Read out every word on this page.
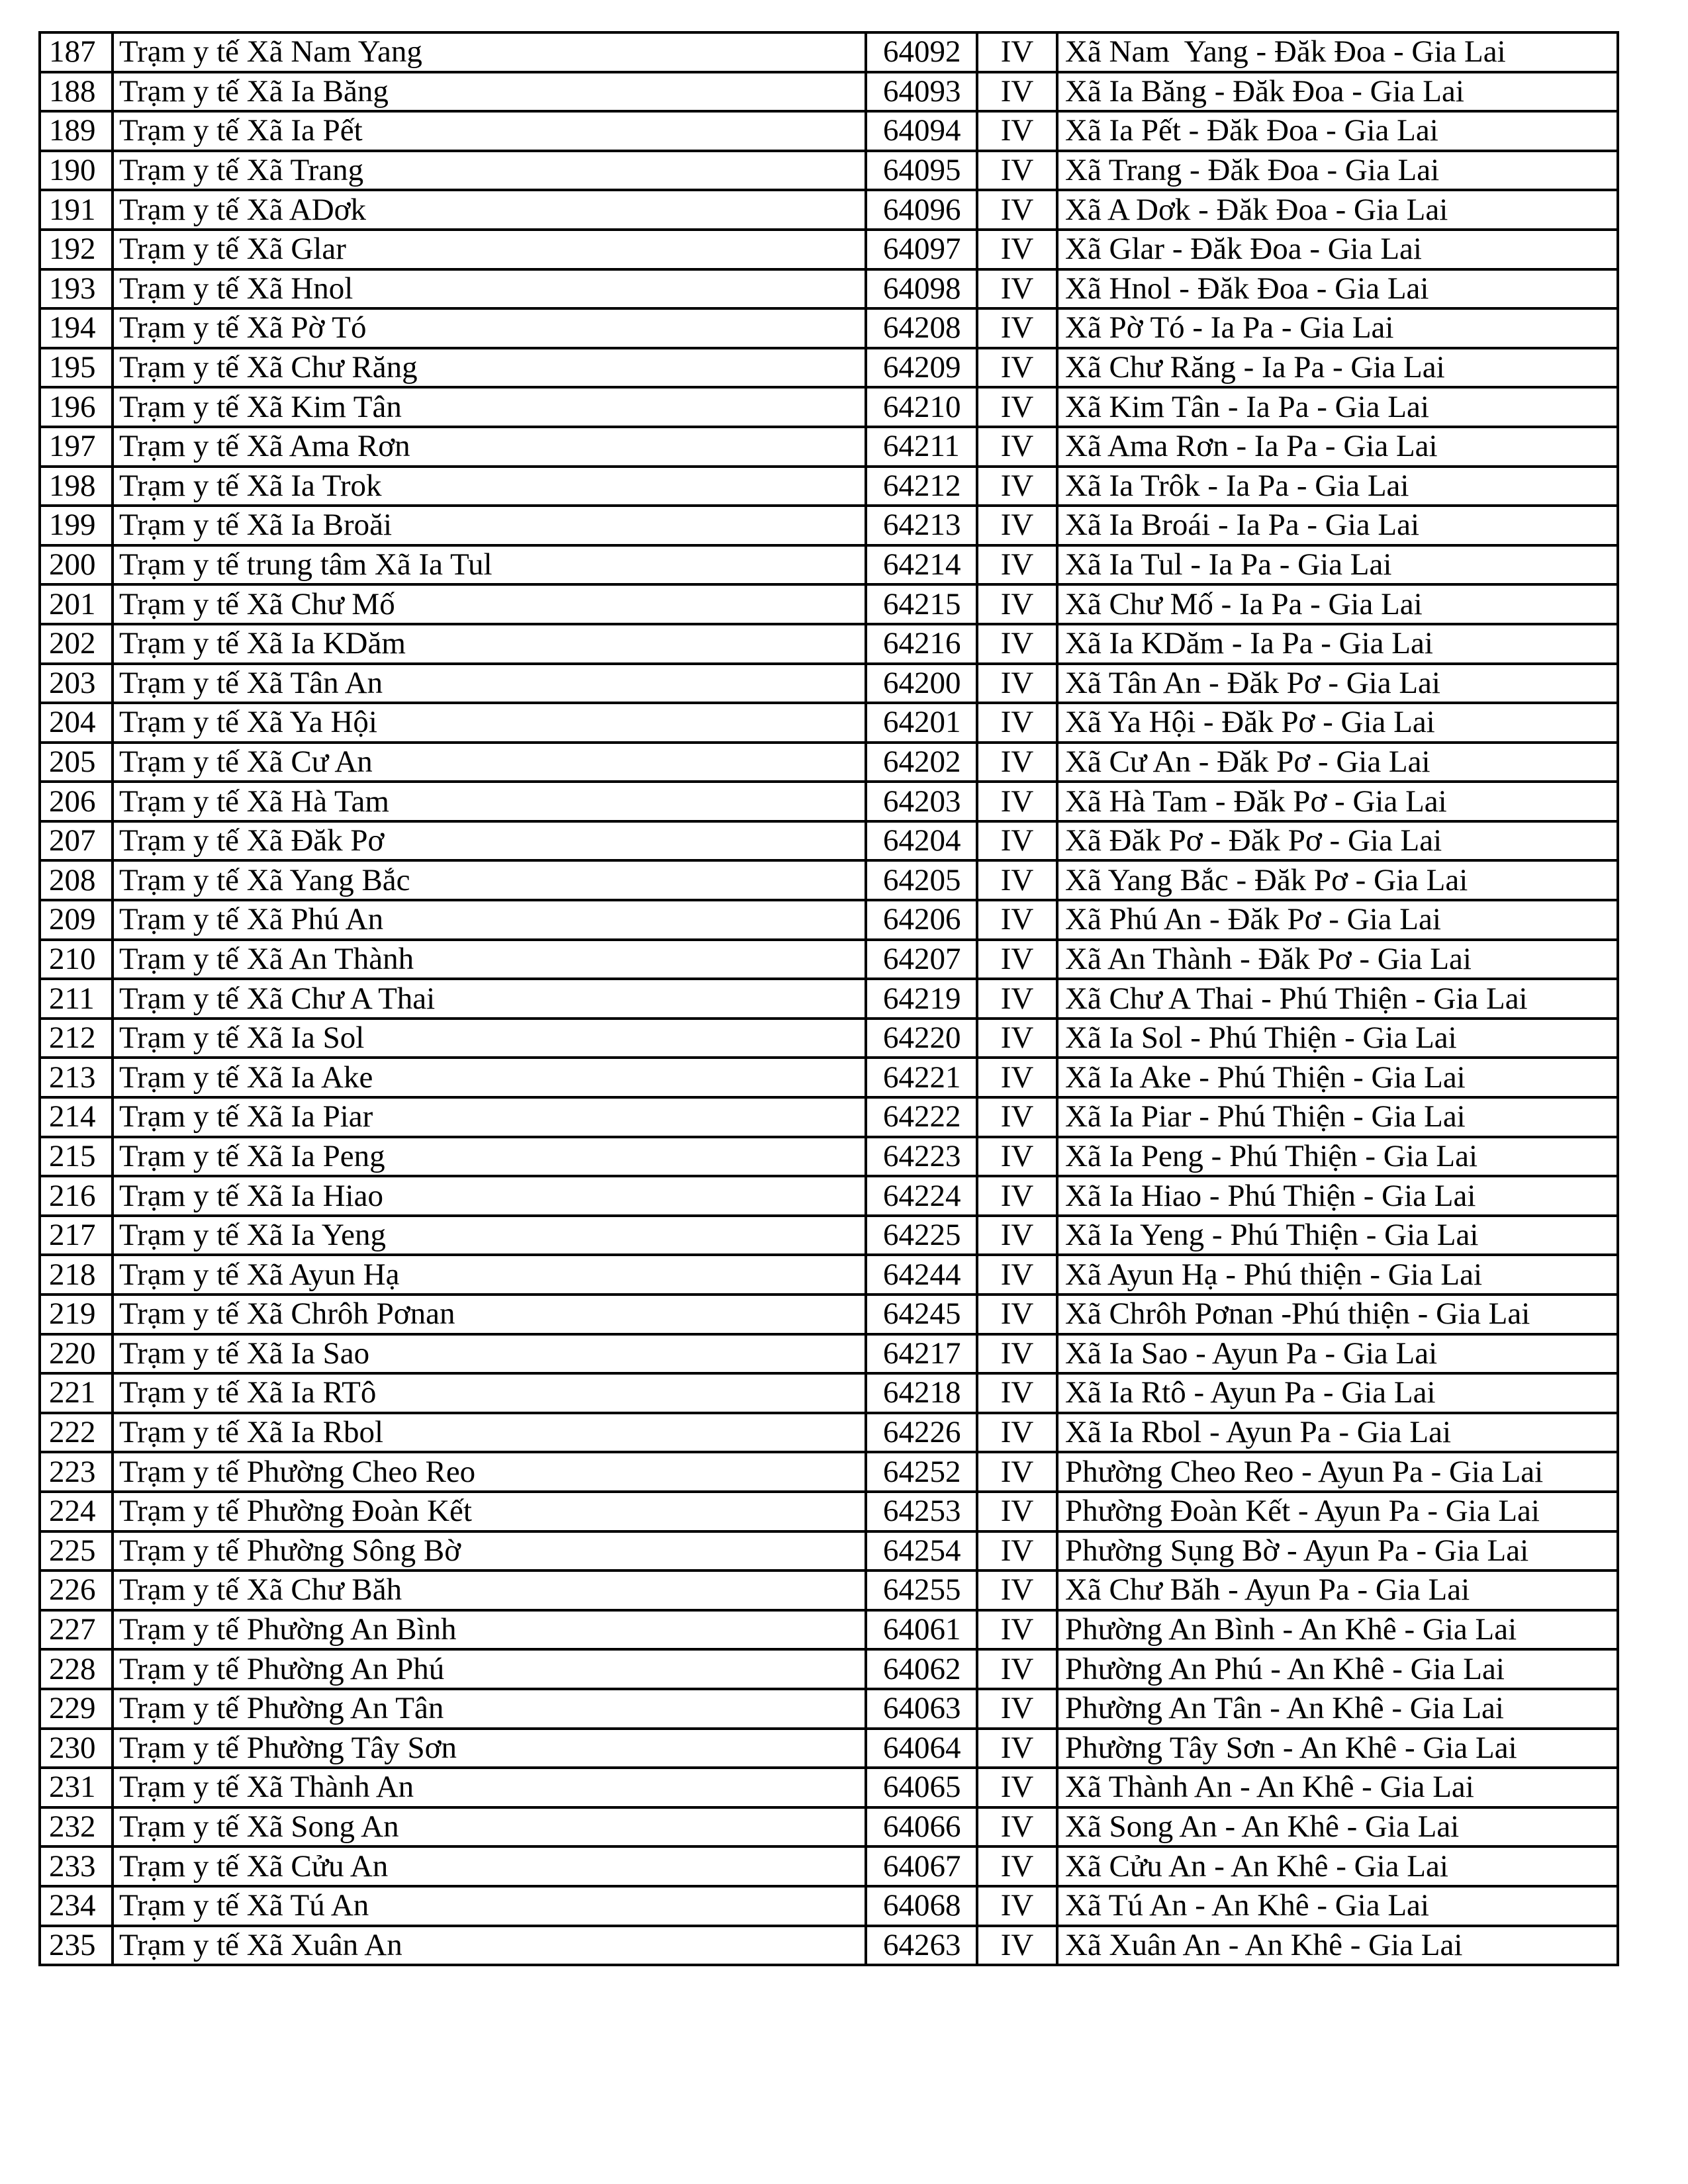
187	Trạm y tế Xã Nam Yang	64092	IV	Xã Nam  Yang - Đăk Đoa - Gia Lai
188	Trạm y tế Xã Ia Băng	64093	IV	Xã Ia Băng - Đăk Đoa - Gia Lai
189	Trạm y tế Xã Ia Pết	64094	IV	Xã Ia Pết - Đăk Đoa - Gia Lai
190	Trạm y tế Xã Trang	64095	IV	Xã Trang - Đăk Đoa - Gia Lai
191	Trạm y tế Xã ADơk	64096	IV	Xã A Dơk - Đăk Đoa - Gia Lai
192	Trạm y tế Xã Glar	64097	IV	Xã Glar - Đăk Đoa - Gia Lai
193	Trạm y tế Xã Hnol	64098	IV	Xã Hnol - Đăk Đoa - Gia Lai
194	Trạm y tế Xã Pờ Tó	64208	IV	Xã Pờ Tó - Ia Pa - Gia Lai
195	Trạm y tế Xã Chư Răng	64209	IV	Xã Chư Răng - Ia Pa - Gia Lai
196	Trạm y tế Xã Kim Tân	64210	IV	Xã Kim Tân - Ia Pa - Gia Lai
197	Trạm y tế Xã Ama Rơn	64211	IV	Xã Ama Rơn - Ia Pa - Gia Lai
198	Trạm y tế Xã Ia Trok	64212	IV	Xã Ia Trôk - Ia Pa - Gia Lai
199	Trạm y tế Xã Ia Broăi	64213	IV	Xã Ia Broái - Ia Pa - Gia Lai
200	Trạm y tế trung tâm Xã Ia Tul	64214	IV	Xã Ia Tul - Ia Pa - Gia Lai
201	Trạm y tế Xã Chư Mố	64215	IV	Xã Chư Mố - Ia Pa - Gia Lai
202	Trạm y tế Xã Ia KDăm	64216	IV	Xã Ia KDăm - Ia Pa - Gia Lai
203	Trạm y tế Xã Tân An	64200	IV	Xã Tân An - Đăk Pơ - Gia Lai
204	Trạm y tế Xã Ya Hội	64201	IV	Xã Ya Hội - Đăk Pơ - Gia Lai
205	Trạm y tế Xã Cư An	64202	IV	Xã Cư An - Đăk Pơ - Gia Lai
206	Trạm y tế Xã Hà Tam	64203	IV	Xã Hà Tam - Đăk Pơ - Gia Lai
207	Trạm y tế Xã Đăk Pơ	64204	IV	Xã Đăk Pơ - Đăk Pơ - Gia Lai
208	Trạm y tế Xã Yang Bắc	64205	IV	Xã Yang Bắc - Đăk Pơ - Gia Lai
209	Trạm y tế Xã Phú An	64206	IV	Xã Phú An - Đăk Pơ - Gia Lai
210	Trạm y tế Xã An Thành	64207	IV	Xã An Thành - Đăk Pơ - Gia Lai
211	Trạm y tế Xã Chư A Thai	64219	IV	Xã Chư A Thai - Phú Thiện - Gia Lai
212	Trạm y tế Xã Ia Sol	64220	IV	Xã Ia Sol - Phú Thiện - Gia Lai
213	Trạm y tế Xã Ia Ake	64221	IV	Xã Ia Ake - Phú Thiện - Gia Lai
214	Trạm y tế Xã Ia Piar	64222	IV	Xã Ia Piar - Phú Thiện - Gia Lai
215	Trạm y tế Xã Ia Peng	64223	IV	Xã Ia Peng - Phú Thiện - Gia Lai
216	Trạm y tế Xã Ia Hiao	64224	IV	Xã Ia Hiao - Phú Thiện - Gia Lai
217	Trạm y tế Xã Ia Yeng	64225	IV	Xã Ia Yeng - Phú Thiện - Gia Lai
218	Trạm y tế Xã Ayun Hạ	64244	IV	Xã Ayun Hạ - Phú thiện - Gia Lai
219	Trạm y tế Xã Chrôh Pơnan	64245	IV	Xã Chrôh Pơnan -Phú thiện - Gia Lai
220	Trạm y tế Xã Ia Sao	64217	IV	Xã Ia Sao - Ayun Pa - Gia Lai
221	Trạm y tế Xã Ia RTô	64218	IV	Xã Ia Rtô - Ayun Pa - Gia Lai
222	Trạm y tế Xã Ia Rbol	64226	IV	Xã Ia Rbol - Ayun Pa - Gia Lai
223	Trạm y tế Phường Cheo Reo	64252	IV	Phường Cheo Reo - Ayun Pa - Gia Lai
224	Trạm y tế Phường Đoàn Kết	64253	IV	Phường Đoàn Kết - Ayun Pa - Gia Lai
225	Trạm y tế Phường Sông Bờ	64254	IV	Phường Sụng Bờ - Ayun Pa - Gia Lai
226	Trạm y tế Xã Chư Băh	64255	IV	Xã Chư Băh - Ayun Pa - Gia Lai
227	Trạm y tế Phường An Bình	64061	IV	Phường An Bình - An Khê - Gia Lai
228	Trạm y tế Phường An Phú	64062	IV	Phường An Phú - An Khê - Gia Lai
229	Trạm y tế Phường An Tân	64063	IV	Phường An Tân - An Khê - Gia Lai
230	Trạm y tế Phường Tây Sơn	64064	IV	Phường Tây Sơn - An Khê - Gia Lai
231	Trạm y tế Xã Thành An	64065	IV	Xã Thành An - An Khê - Gia Lai
232	Trạm y tế Xã Song An	64066	IV	Xã Song An - An Khê - Gia Lai
233	Trạm y tế Xã Cửu An	64067	IV	Xã Cửu An - An Khê - Gia Lai
234	Trạm y tế Xã Tú An	64068	IV	Xã Tú An - An Khê - Gia Lai
235	Trạm y tế Xã Xuân An	64263	IV	Xã Xuân An - An Khê - Gia Lai
